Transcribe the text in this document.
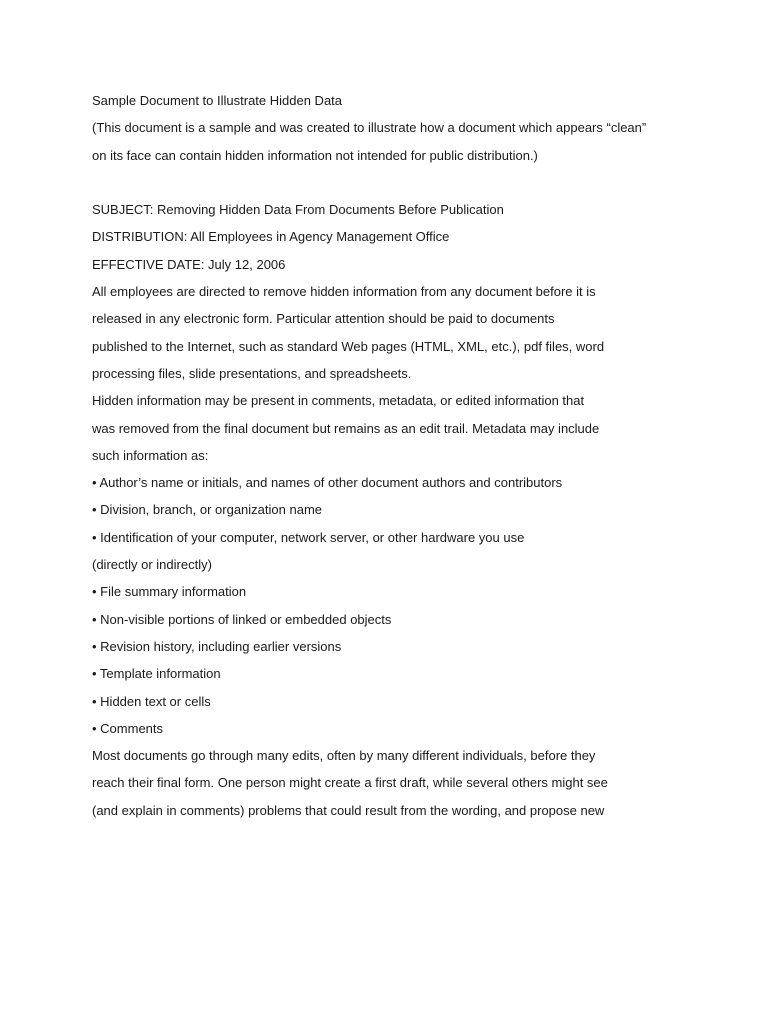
Sample Document to Illustrate Hidden Data
(This document is a sample and was created to illustrate how a document which appears “clean”
on its face can contain hidden information not intended for public distribution.)
SUBJECT: Removing Hidden Data From Documents Before Publication
DISTRIBUTION: All Employees in Agency Management Office
EFFECTIVE DATE: July 12, 2006
All employees are directed to remove hidden information from any document before it is
released in any electronic form. Particular attention should be paid to documents
published to the Internet, such as standard Web pages (HTML, XML, etc.), pdf files, word
processing files, slide presentations, and spreadsheets.
Hidden information may be present in comments, metadata, or edited information that
was removed from the final document but remains as an edit trail. Metadata may include
such information as:
• Author’s name or initials, and names of other document authors and contributors
• Division, branch, or organization name
• Identification of your computer, network server, or other hardware you use
(directly or indirectly)
• File summary information
• Non-visible portions of linked or embedded objects
• Revision history, including earlier versions
• Template information
• Hidden text or cells
• Comments
Most documents go through many edits, often by many different individuals, before they
reach their final form. One person might create a first draft, while several others might see
(and explain in comments) problems that could result from the wording, and propose new
